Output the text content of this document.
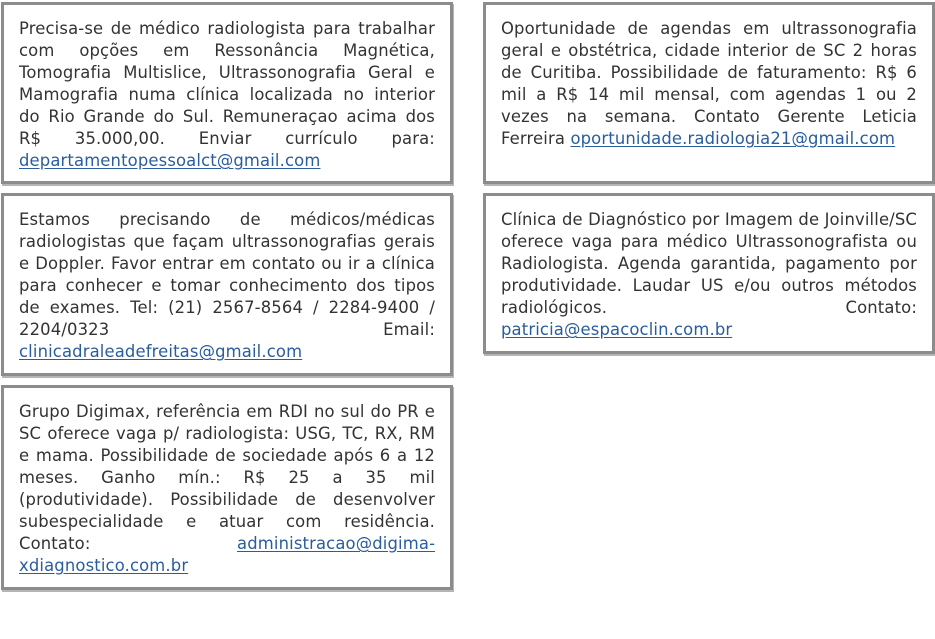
Precisa-se de médico radiologista para trabalhar com opções em Ressonância Magnética, Tomografia Multislice, Ultrassonografia Geral e Mamografia numa clínica localizada no interior do Rio Grande do Sul. Remuneraçao acima dos R$ 35.000,00. Enviar currículo para: departamentopessoalct@gmail.com
Oportunidade de agendas em ultrassonografia geral e obstétrica, cidade interior de SC 2 horas de Curitiba. Possibilidade de faturamento: R$ 6 mil a R$ 14 mil mensal, com agendas 1 ou 2 vezes na semana. Contato Gerente Leticia Ferreira oportunidade.​radiologia21@gmail.com
Estamos precisando de médicos/médicas radiologistas que façam ultrassonografias gerais e Doppler. Favor entrar em contato ou ir a clínica para conhecer e tomar conhecimento dos tipos de exames. Tel: (21) 2567-8564 / 2284-9400 / 2204/0323 Email: clinicadraleadefreitas@gmail.com
Clínica de Diagnóstico por Imagem de Joinville/SC oferece vaga para médico Ultrassonografista ou Radiologista. Agenda garantida, pagamento por produtividade. Laudar US e/ou outros métodos radiológicos. Contato: patricia@espacoclin.com.br
Grupo Digimax, referência em RDI no sul do PR e SC oferece vaga p/ radiologista: USG, TC, RX, RM e mama. Possibilidade de sociedade após 6 a 12 meses. Ganho mín.: R$ 25 a 35 mil (produtividade). Possibilidade de desenvolver subespecialidade e atuar com residência. Contato: administracao@digimaxdiagnostico.com.br
